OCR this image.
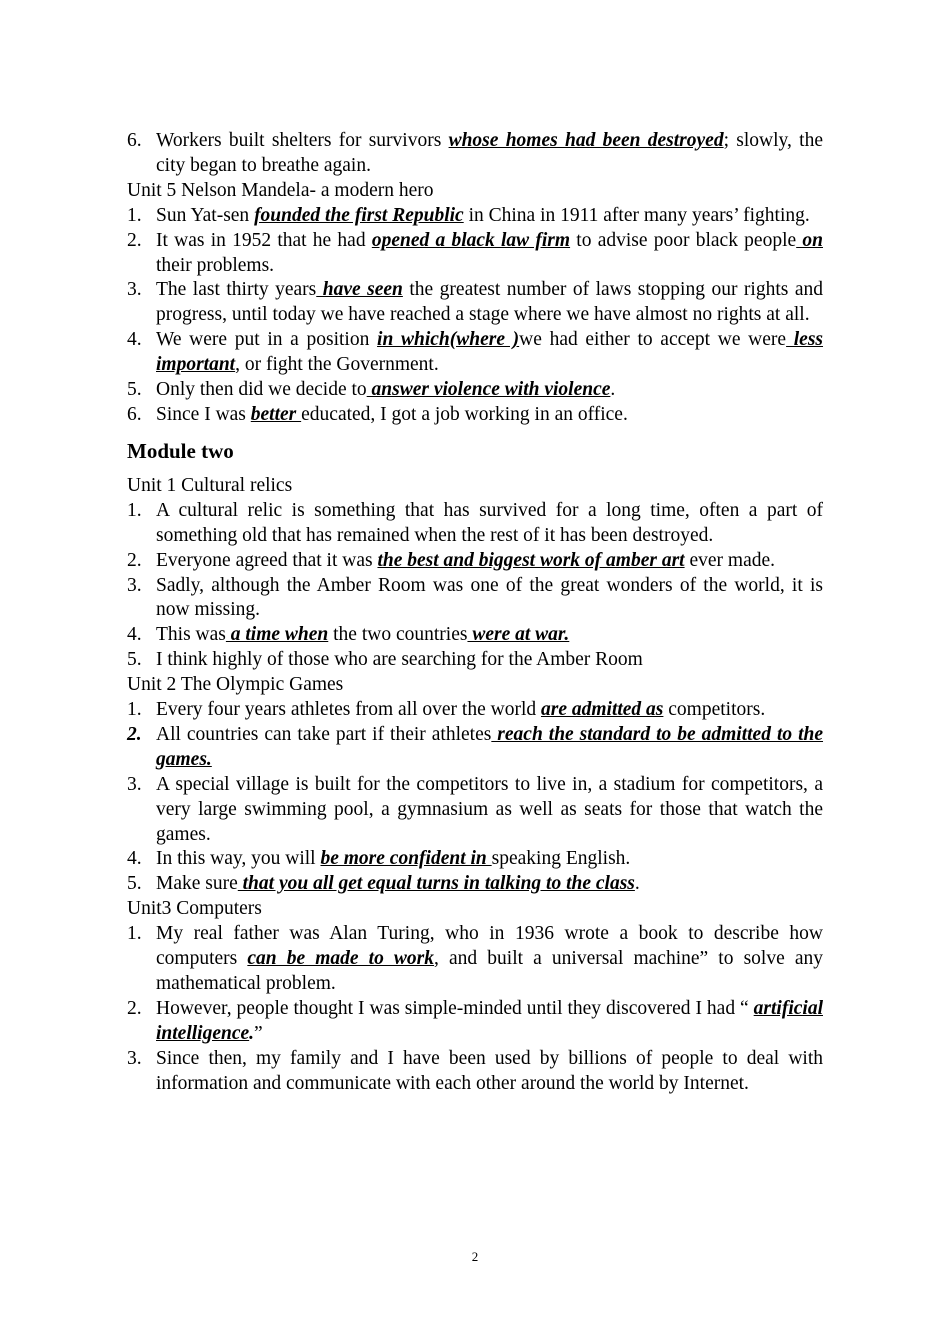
6. Workers built shelters for survivors whose homes had been destroyed; slowly, the city began to breathe again.
Unit 5 Nelson Mandela- a modern hero
1. Sun Yat-sen founded the first Republic in China in 1911 after many years’ fighting.
2. It was in 1952 that he had opened a black law firm to advise poor black people on their problems.
3. The last thirty years have seen the greatest number of laws stopping our rights and progress, until today we have reached a stage where we have almost no rights at all.
4. We were put in a position in which(where )we had either to accept we were less important, or fight the Government.
5. Only then did we decide to answer violence with violence.
6. Since I was better educated, I got a job working in an office.
Module two
Unit 1 Cultural relics
1. A cultural relic is something that has survived for a long time, often a part of something old that has remained when the rest of it has been destroyed.
2. Everyone agreed that it was the best and biggest work of amber art ever made.
3. Sadly, although the Amber Room was one of the great wonders of the world, it is now missing.
4. This was a time when the two countries were at war.
5. I think highly of those who are searching for the Amber Room
Unit 2 The Olympic Games
1. Every four years athletes from all over the world are admitted as competitors.
2. All countries can take part if their athletes reach the standard to be admitted to the games.
3. A special village is built for the competitors to live in, a stadium for competitors, a very large swimming pool, a gymnasium as well as seats for those that watch the games.
4. In this way, you will be more confident in speaking English.
5. Make sure that you all get equal turns in talking to the class.
Unit3 Computers
1. My real father was Alan Turing, who in 1936 wrote a book to describe how computers can be made to work, and built a universal machine” to solve any mathematical problem.
2. However, people thought I was simple-minded until they discovered I had “ artificial intelligence.”
3. Since then, my family and I have been used by billions of people to deal with information and communicate with each other around the world by Internet.
2
